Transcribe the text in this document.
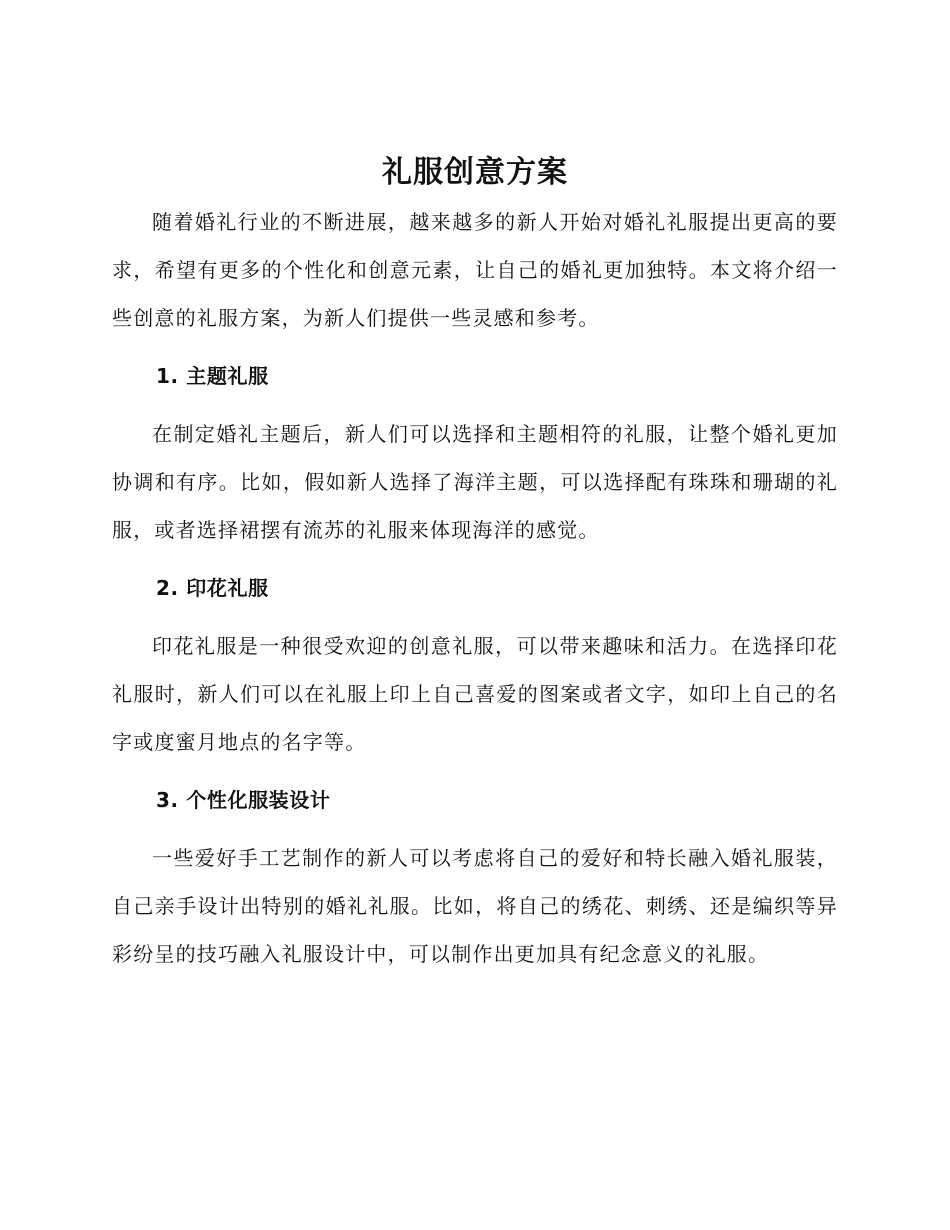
礼服创意方案

随着婚礼行业的不断进展，越来越多的新人开始对婚礼礼服提出更高的要求，希望有更多的个性化和创意元素，让自己的婚礼更加独特。本文将介绍一些创意的礼服方案，为新人们提供一些灵感和参考。

1. 主题礼服

在制定婚礼主题后，新人们可以选择和主题相符的礼服，让整个婚礼更加协调和有序。比如，假如新人选择了海洋主题，可以选择配有珠珠和珊瑚的礼服，或者选择裙摆有流苏的礼服来体现海洋的感觉。

2. 印花礼服

印花礼服是一种很受欢迎的创意礼服，可以带来趣味和活力。在选择印花礼服时，新人们可以在礼服上印上自己喜爱的图案或者文字，如印上自己的名字或度蜜月地点的名字等。

3. 个性化服装设计

一些爱好手工艺制作的新人可以考虑将自己的爱好和特长融入婚礼服装，自己亲手设计出特别的婚礼礼服。比如，将自己的绣花、刺绣、还是编织等异彩纷呈的技巧融入礼服设计中，可以制作出更加具有纪念意义的礼服。
